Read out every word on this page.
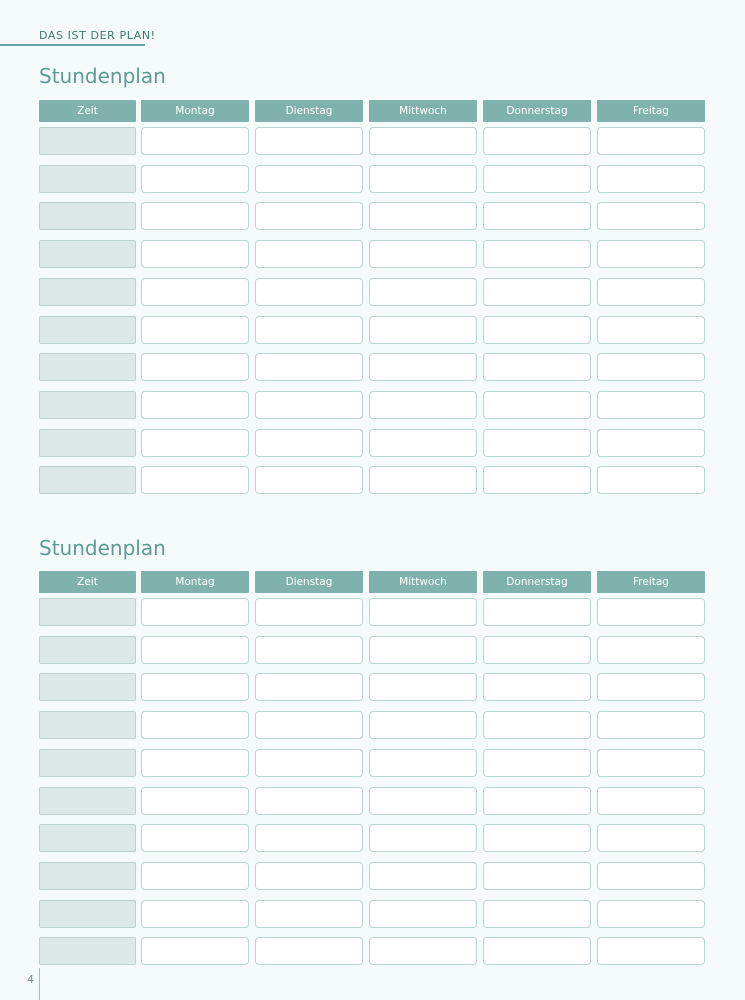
DAS IST DER PLAN!
Stundenplan
Zeit	Montag	Dienstag	Mittwoch	Donnerstag	Freitag
Stundenplan
Zeit	Montag	Dienstag	Mittwoch	Donnerstag	Freitag
4
